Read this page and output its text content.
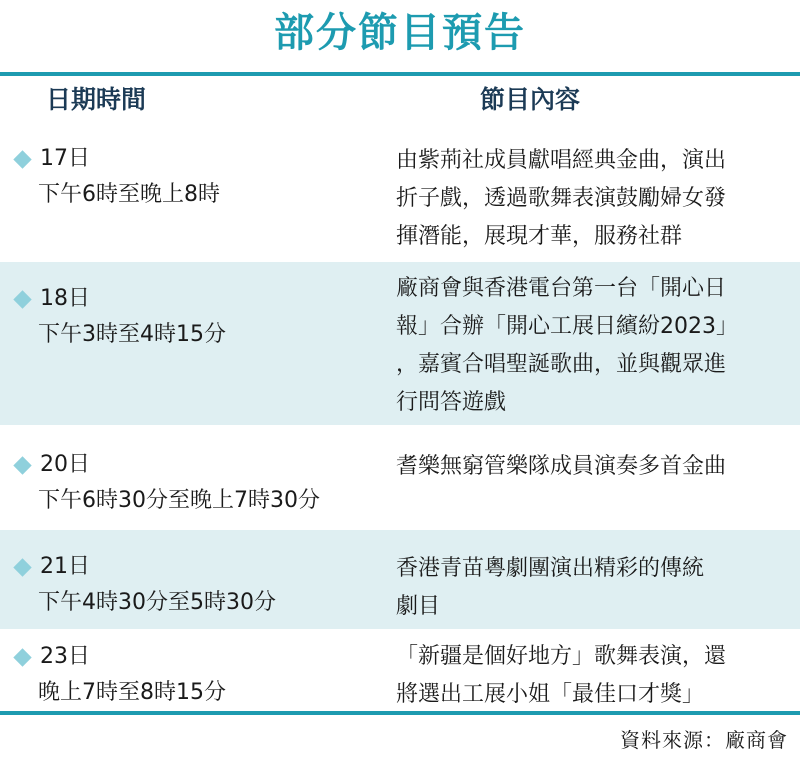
部分節目預告
日期時間	節目內容
17日
下午6時至晚上8時
由紫荊社成員獻唱經典金曲，演出
折子戲，透過歌舞表演鼓勵婦女發
揮潛能，展現才華，服務社群
18日
下午3時至4時15分
廠商會與香港電台第一台「開心日
報」合辦「開心工展日繽紛2023」
，嘉賓合唱聖誕歌曲，並與觀眾進
行問答遊戲
20日
下午6時30分至晚上7時30分
耆樂無窮管樂隊成員演奏多首金曲
21日
下午4時30分至5時30分
香港青苗粵劇團演出精彩的傳統
劇目
23日
晚上7時至8時15分
「新疆是個好地方」歌舞表演，還
將選出工展小姐「最佳口才獎」
資料來源：廠商會
